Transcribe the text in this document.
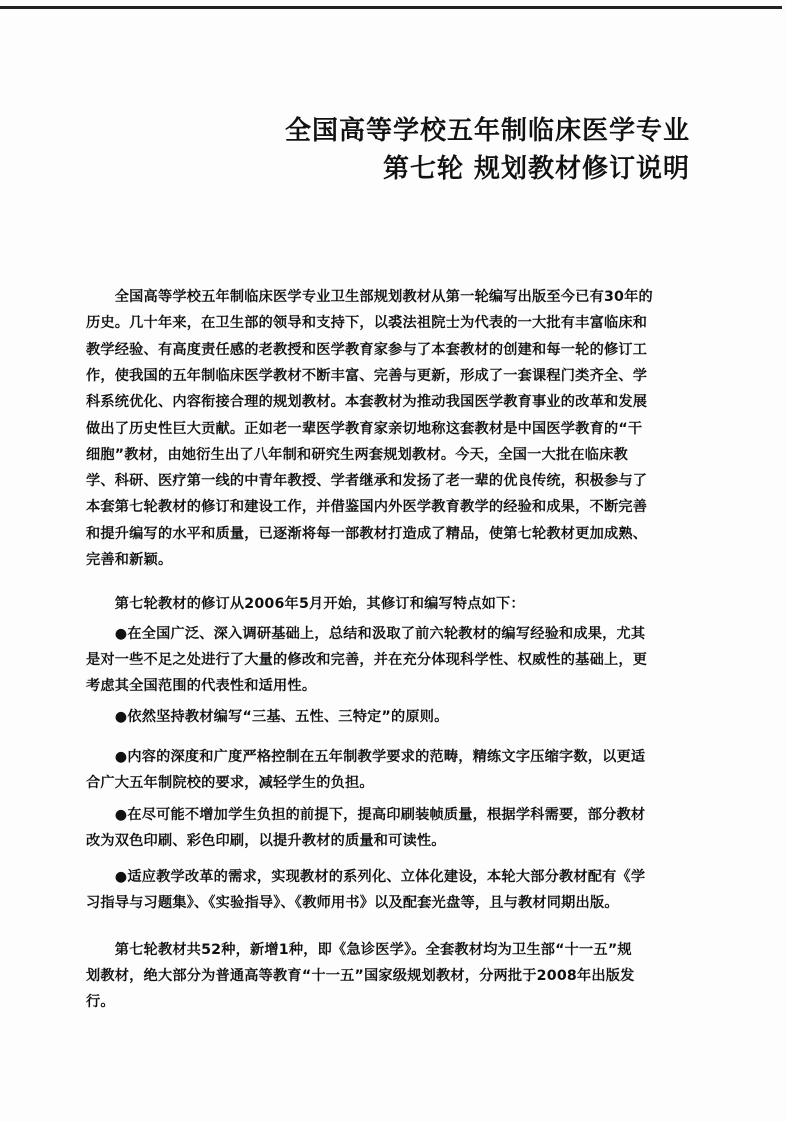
全国高等学校五年制临床医学专业
第七轮 规划教材修订说明
　　全国高等学校五年制临床医学专业卫生部规划教材从第一轮编写出版至今已有30年的
历史。几十年来，在卫生部的领导和支持下，以裘法祖院士为代表的一大批有丰富临床和
教学经验、有高度责任感的老教授和医学教育家参与了本套教材的创建和每一轮的修订工
作，使我国的五年制临床医学教材不断丰富、完善与更新，形成了一套课程门类齐全、学
科系统优化、内容衔接合理的规划教材。本套教材为推动我国医学教育事业的改革和发展
做出了历史性巨大贡献。正如老一辈医学教育家亲切地称这套教材是中国医学教育的“干
细胞”教材，由她衍生出了八年制和研究生两套规划教材。今天，全国一大批在临床教
学、科研、医疗第一线的中青年教授、学者继承和发扬了老一辈的优良传统，积极参与了
本套第七轮教材的修订和建设工作，并借鉴国内外医学教育教学的经验和成果，不断完善
和提升编写的水平和质量，已逐渐将每一部教材打造成了精品，使第七轮教材更加成熟、
完善和新颖。
　　第七轮教材的修订从2006年5月开始，其修订和编写特点如下：
　　●在全国广泛、深入调研基础上，总结和汲取了前六轮教材的编写经验和成果，尤其
是对一些不足之处进行了大量的修改和完善，并在充分体现科学性、权威性的基础上，更
考虑其全国范围的代表性和适用性。
　　●依然坚持教材编写“三基、五性、三特定”的原则。
　　●内容的深度和广度严格控制在五年制教学要求的范畴，精练文字压缩字数，以更适
合广大五年制院校的要求，减轻学生的负担。
　　●在尽可能不增加学生负担的前提下，提高印刷装帧质量，根据学科需要，部分教材
改为双色印刷、彩色印刷，以提升教材的质量和可读性。
　　●适应教学改革的需求，实现教材的系列化、立体化建设，本轮大部分教材配有《学
习指导与习题集》、《实验指导》、《教师用书》以及配套光盘等，且与教材同期出版。
　　第七轮教材共52种，新增1种，即《急诊医学》。全套教材均为卫生部“十一五”规
划教材，绝大部分为普通高等教育“十一五”国家级规划教材，分两批于2008年出版发
行。
